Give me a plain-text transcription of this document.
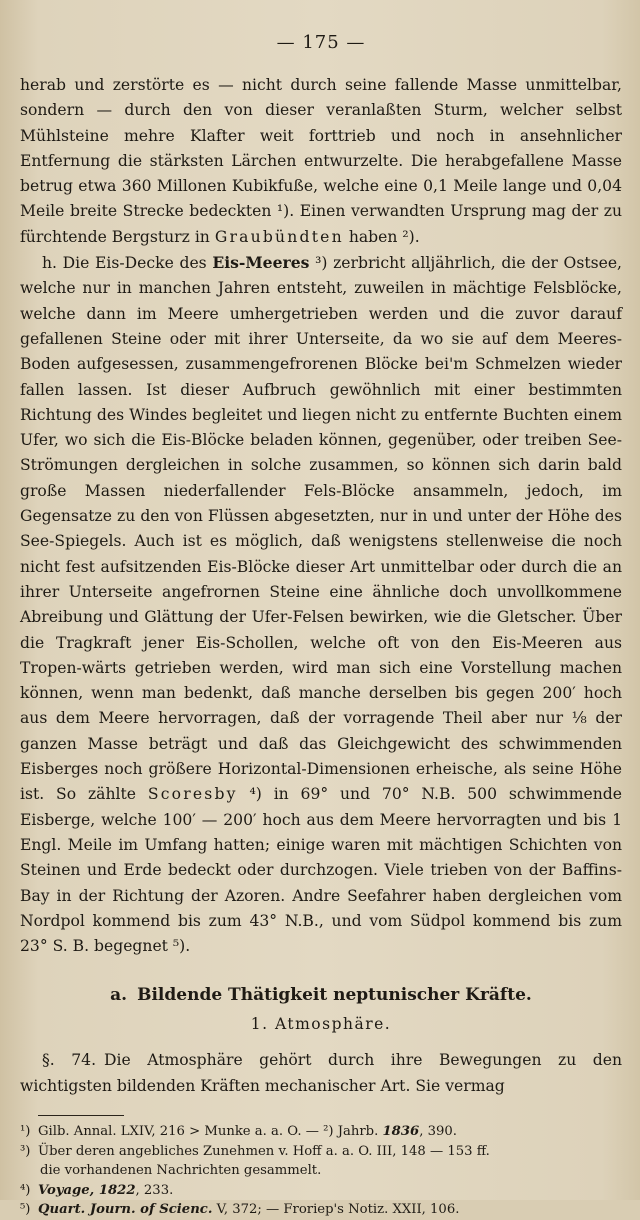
— 175 —

herab und zerstörte es — nicht durch seine fallende Masse unmittelbar, sondern — durch den von dieser veranlaßten Sturm, welcher selbst Mühlsteine mehre Klafter weit forttrieb und noch in ansehnlicher Entfernung die stärksten Lärchen entwurzelte. Die herabgefallene Masse betrug etwa 360 Millonen Kubikfuße, welche eine 0,1 Meile lange und 0,04 Meile breite Strecke bedeckten ¹). Einen verwandten Ursprung mag der zu fürchtende Bergsturz in Graubündten haben ²).

h. Die Eis-Decke des Eis-Meeres ³) zerbricht alljährlich, die der Ostsee, welche nur in manchen Jahren entsteht, zuweilen in mächtige Felsblöcke, welche dann im Meere umhergetrieben werden und die zuvor darauf gefallenen Steine oder mit ihrer Unterseite, da wo sie auf dem Meeres-Boden aufgesessen, zusammengefrorenen Blöcke bei'm Schmelzen wieder fallen lassen. Ist dieser Aufbruch gewöhnlich mit einer bestimmten Richtung des Windes begleitet und liegen nicht zu entfernte Buchten einem Ufer, wo sich die Eis-Blöcke beladen können, gegenüber, oder treiben See-Strömungen dergleichen in solche zusammen, so können sich darin bald große Massen niederfallender Fels-Blöcke ansammeln, jedoch, im Gegensatze zu den von Flüssen abgesetzten, nur in und unter der Höhe des See-Spiegels. Auch ist es möglich, daß wenigstens stellenweise die noch nicht fest aufsitzenden Eis-Blöcke dieser Art unmittelbar oder durch die an ihrer Unterseite angefrornen Steine eine ähnliche doch unvollkommene Abreibung und Glättung der Ufer-Felsen bewirken, wie die Gletscher. Über die Tragkraft jener Eis-Schollen, welche oft von den Eis-Meeren aus Tropen-wärts getrieben werden, wird man sich eine Vorstellung machen können, wenn man bedenkt, daß manche derselben bis gegen 200′ hoch aus dem Meere hervorragen, daß der vorragende Theil aber nur ⅛ der ganzen Masse beträgt und daß das Gleichgewicht des schwimmenden Eisberges noch größere Horizontal-Dimensionen erheische, als seine Höhe ist. So zählte Scoresby ⁴) in 69° und 70° N.B. 500 schwimmende Eisberge, welche 100′ — 200′ hoch aus dem Meere hervorragten und bis 1 Engl. Meile im Umfang hatten; einige waren mit mächtigen Schichten von Steinen und Erde bedeckt oder durchzogen. Viele trieben von der Baffins-Bay in der Richtung der Azoren. Andre Seefahrer haben dergleichen vom Nordpol kommend bis zum 43° N.B., und vom Südpol kommend bis zum 23° S. B. begegnet ⁵).

a. Bildende Thätigkeit neptunischer Kräfte.
1. Atmosphäre.

§. 74. Die Atmosphäre gehört durch ihre Bewegungen zu den wichtigsten bildenden Kräften mechanischer Art. Sie vermag

¹) Gilb. Annal. LXIV, 216 > Munke a. a. O. — ²) Jahrb. 1836, 390.
³) Über deren angebliches Zunehmen v. Hoff a. a. O. III, 148 — 153 ff.
die vorhandenen Nachrichten gesammelt.
⁴) Voyage, 1822, 233.
⁵) Quart. Journ. of Scienc. V, 372; — Froriep's Notiz. XXII, 106.
